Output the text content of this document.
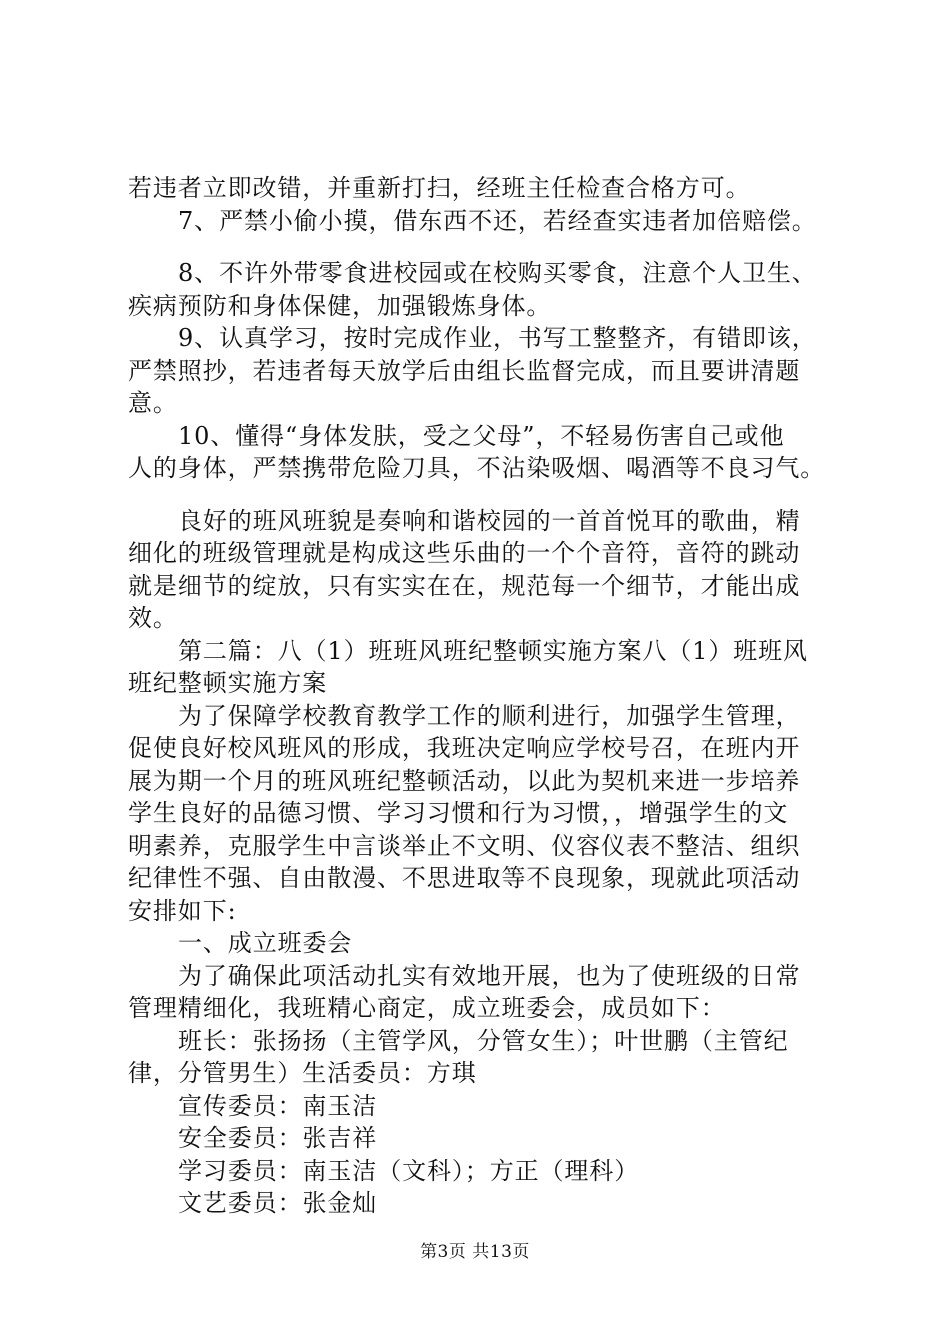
若违者立即改错，并重新打扫，经班主任检查合格方可。
7、严禁小偷小摸，借东西不还，若经查实违者加倍赔偿。
8、不许外带零食进校园或在校购买零食，注意个人卫生、
疾病预防和身体保健，加强锻炼身体。
9、认真学习，按时完成作业，书写工整整齐，有错即该，
严禁照抄，若违者每天放学后由组长监督完成，而且要讲清题
意。
10、懂得“身体发肤，受之父母”，不轻易伤害自己或他
人的身体，严禁携带危险刀具，不沾染吸烟、喝酒等不良习气。
良好的班风班貌是奏响和谐校园的一首首悦耳的歌曲，精
细化的班级管理就是构成这些乐曲的一个个音符，音符的跳动
就是细节的绽放，只有实实在在，规范每一个细节，才能出成
效。
第二篇：八（1）班班风班纪整顿实施方案八（1）班班风
班纪整顿实施方案
为了保障学校教育教学工作的顺利进行，加强学生管理，
促使良好校风班风的形成，我班决定响应学校号召，在班内开
展为期一个月的班风班纪整顿活动，以此为契机来进一步培养
学生良好的品德习惯、学习习惯和行为习惯，，增强学生的文
明素养，克服学生中言谈举止不文明、仪容仪表不整洁、组织
纪律性不强、自由散漫、不思进取等不良现象，现就此项活动
安排如下:
一、成立班委会
为了确保此项活动扎实有效地开展，也为了使班级的日常
管理精细化，我班精心商定，成立班委会，成员如下：
班长：张扬扬（主管学风，分管女生）；叶世鹏（主管纪
律，分管男生）生活委员：方琪
宣传委员：南玉洁
安全委员：张吉祥
学习委员：南玉洁（文科）；方正（理科）
文艺委员：张金灿
第3页 共13页
